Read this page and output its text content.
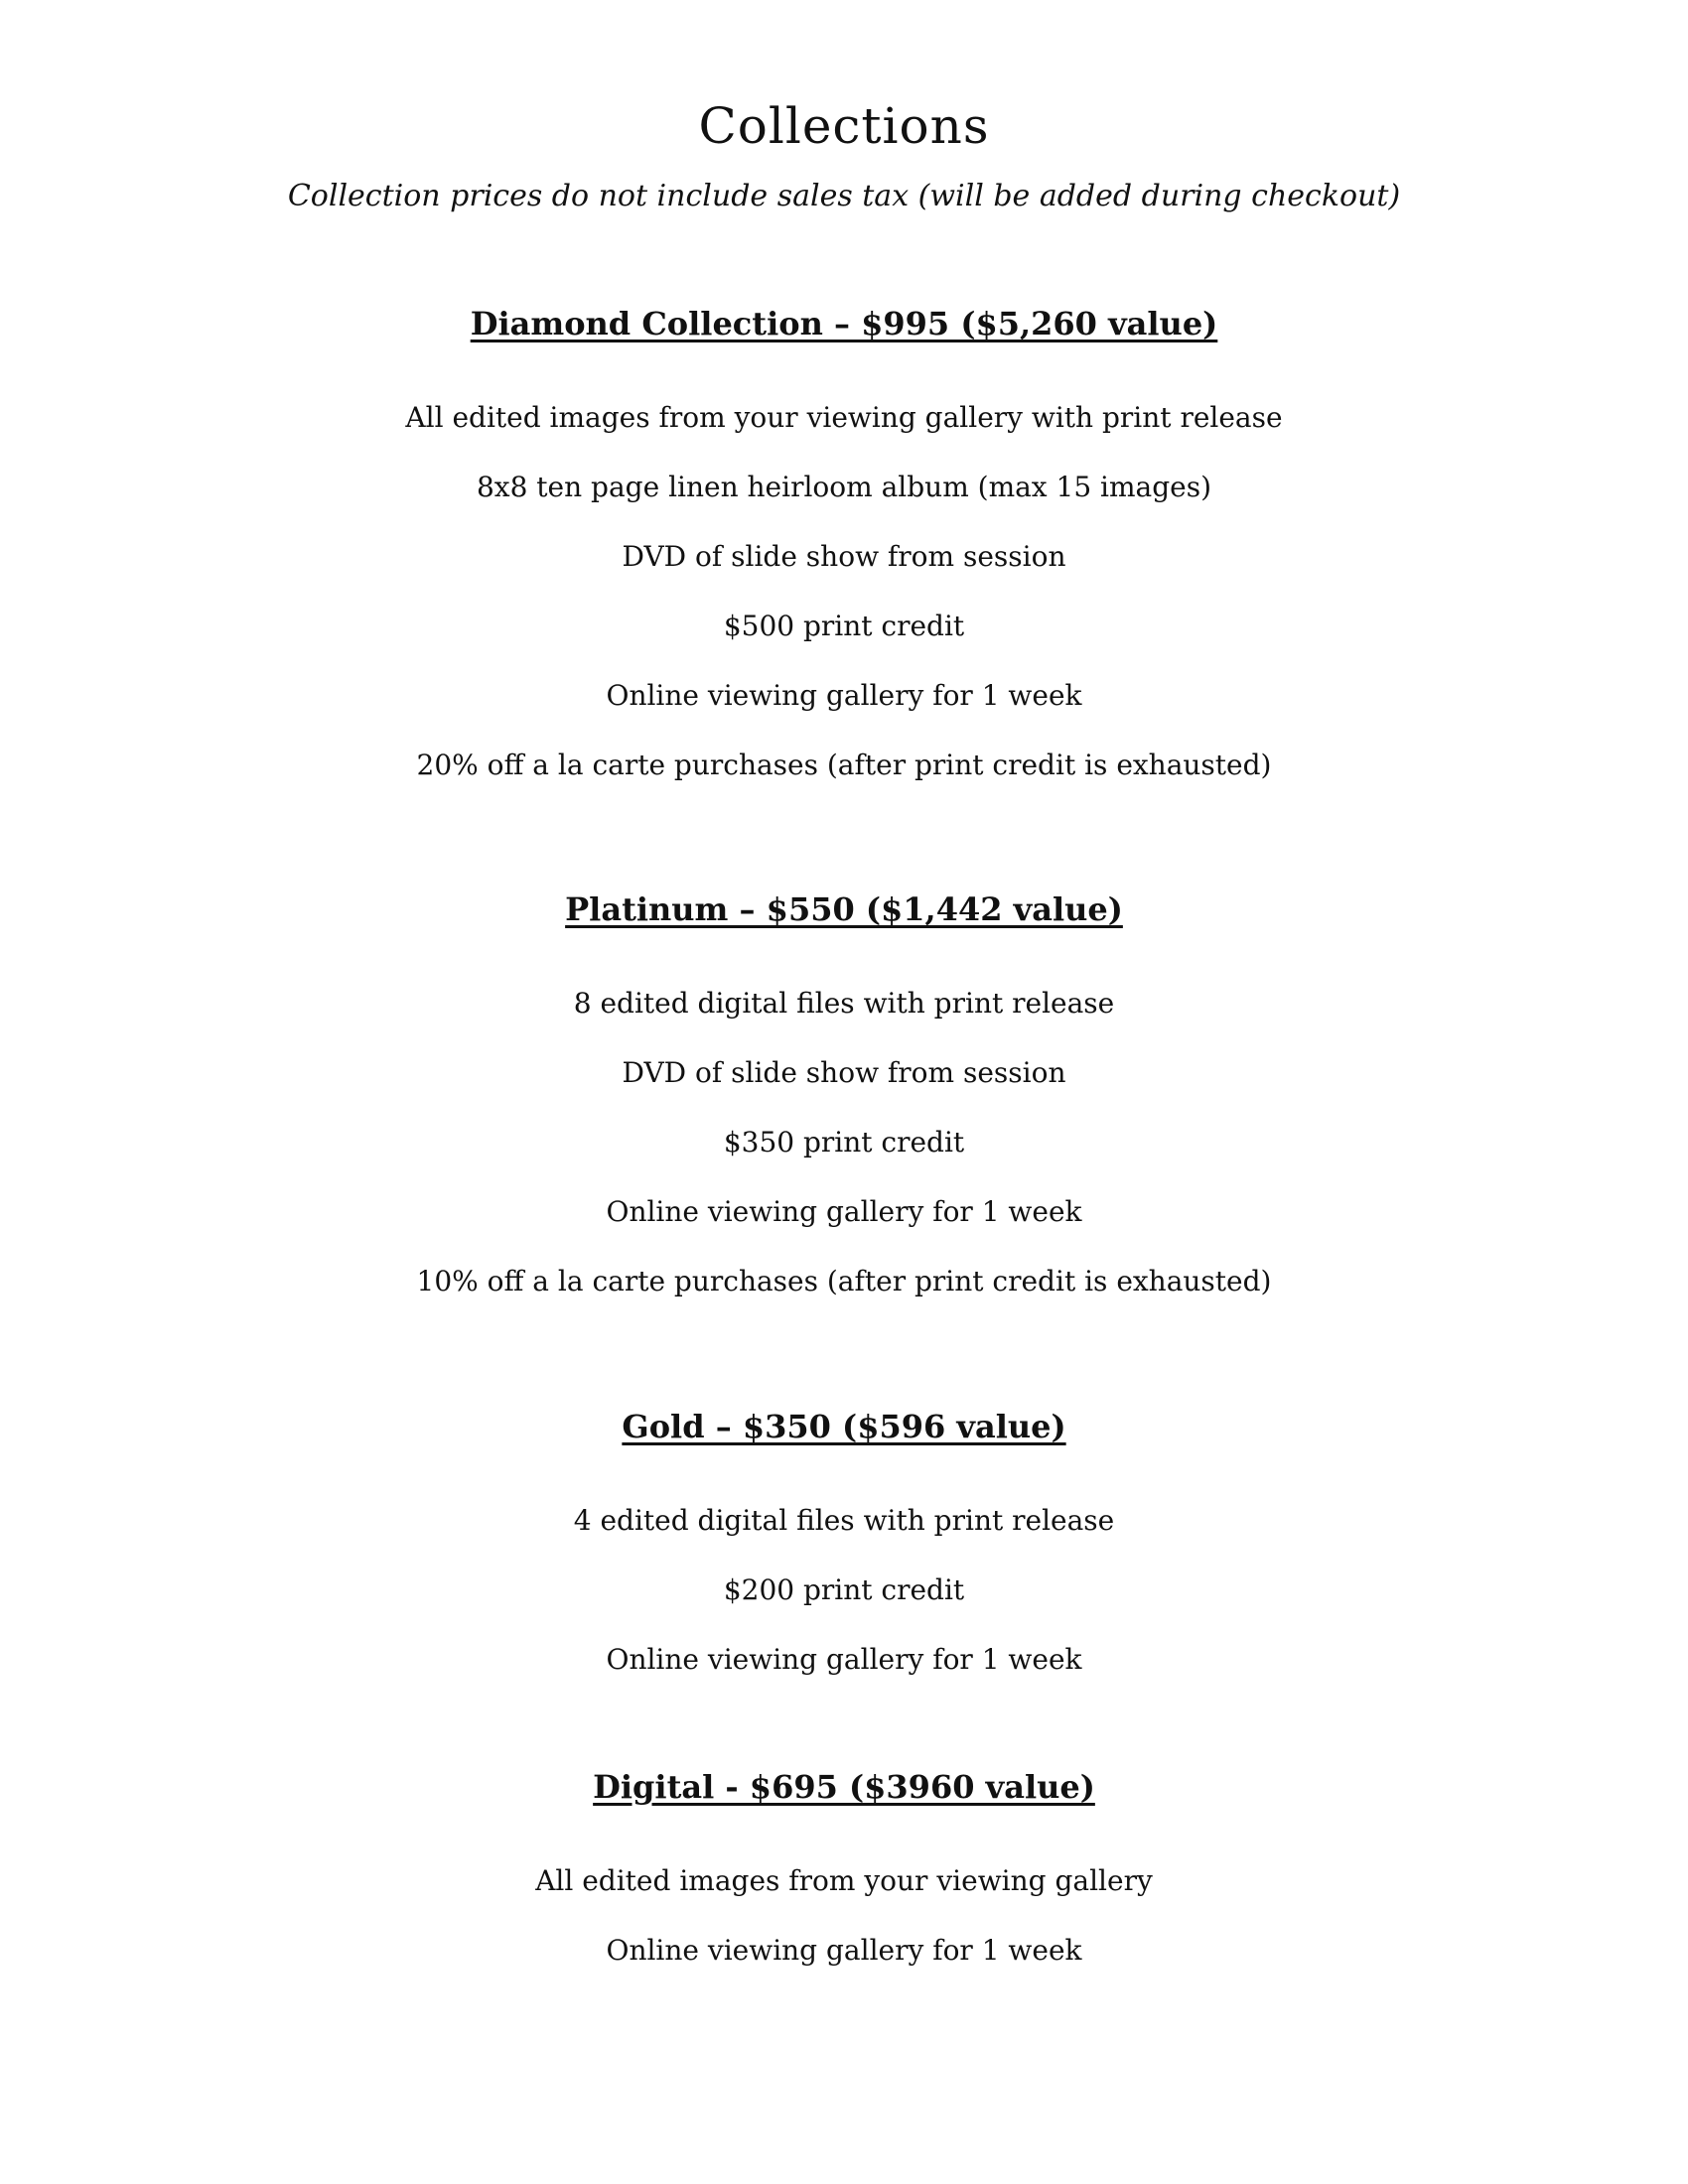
Collections

Collection prices do not include sales tax (will be added during checkout)

Diamond Collection – $995 ($5,260 value)
All edited images from your viewing gallery with print release
8x8 ten page linen heirloom album (max 15 images)
DVD of slide show from session
$500 print credit
Online viewing gallery for 1 week
20% off a la carte purchases (after print credit is exhausted)
Platinum – $550 ($1,442 value)
8 edited digital files with print release
DVD of slide show from session
$350 print credit
Online viewing gallery for 1 week
10% off a la carte purchases (after print credit is exhausted)
Gold – $350 ($596 value)
4 edited digital files with print release
$200 print credit
Online viewing gallery for 1 week
Digital - $695 ($3960 value)
All edited images from your viewing gallery
Online viewing gallery for 1 week
